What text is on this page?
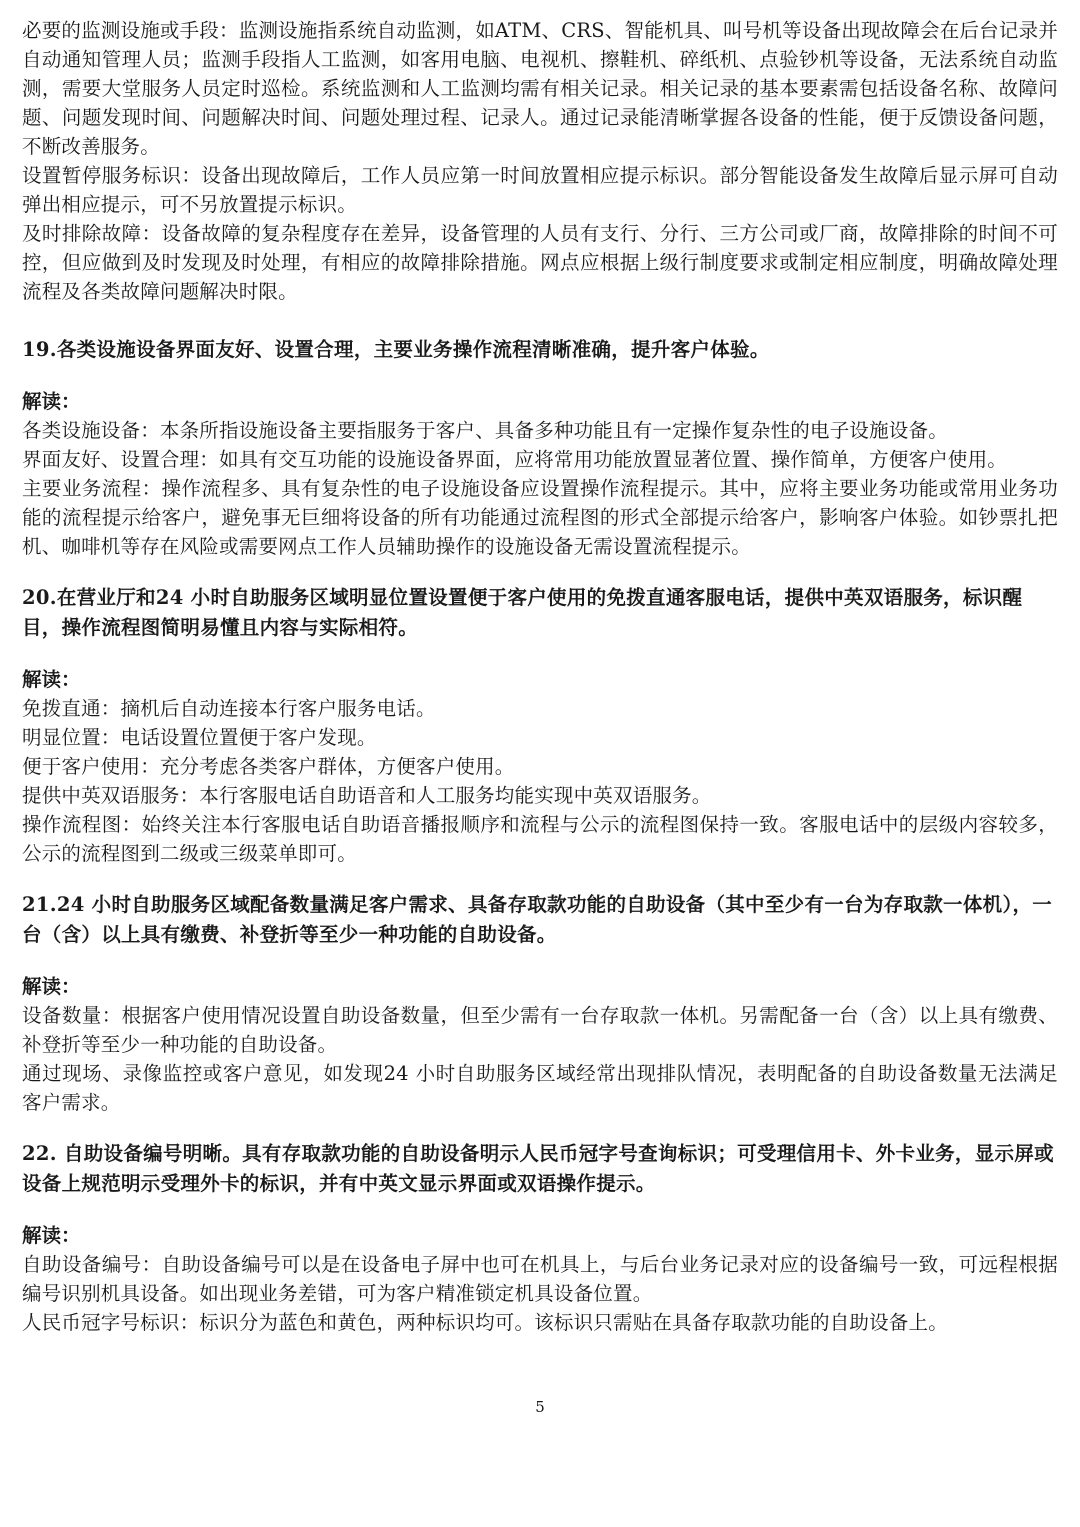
必要的监测设施或手段：监测设施指系统自动监测，如ATM、CRS、智能机具、叫号机等设备出现故障会在后台记录并自动通知管理人员；监测手段指人工监测，如客用电脑、电视机、擦鞋机、碎纸机、点验钞机等设备，无法系统自动监测，需要大堂服务人员定时巡检。系统监测和人工监测均需有相关记录。相关记录的基本要素需包括设备名称、故障问题、问题发现时间、问题解决时间、问题处理过程、记录人。通过记录能清晰掌握各设备的性能，便于反馈设备问题，不断改善服务。

设置暂停服务标识：设备出现故障后，工作人员应第一时间放置相应提示标识。部分智能设备发生故障后显示屏可自动弹出相应提示，可不另放置提示标识。

及时排除故障：设备故障的复杂程度存在差异，设备管理的人员有支行、分行、三方公司或厂商，故障排除的时间不可控，但应做到及时发现及时处理，有相应的故障排除措施。网点应根据上级行制度要求或制定相应制度，明确故障处理流程及各类故障问题解决时限。

19.各类设施设备界面友好、设置合理，主要业务操作流程清晰准确，提升客户体验。

解读：

各类设施设备：本条所指设施设备主要指服务于客户、具备多种功能且有一定操作复杂性的电子设施设备。

界面友好、设置合理：如具有交互功能的设施设备界面，应将常用功能放置显著位置、操作简单，方便客户使用。

主要业务流程：操作流程多、具有复杂性的电子设施设备应设置操作流程提示。其中，应将主要业务功能或常用业务功能的流程提示给客户，避免事无巨细将设备的所有功能通过流程图的形式全部提示给客户，影响客户体验。如钞票扎把机、咖啡机等存在风险或需要网点工作人员辅助操作的设施设备无需设置流程提示。

20.在营业厅和24 小时自助服务区域明显位置设置便于客户使用的免拨直通客服电话，提供中英双语服务，标识醒目，操作流程图简明易懂且内容与实际相符。

解读：

免拨直通：摘机后自动连接本行客户服务电话。

明显位置：电话设置位置便于客户发现。

便于客户使用：充分考虑各类客户群体，方便客户使用。

提供中英双语服务：本行客服电话自助语音和人工服务均能实现中英双语服务。

操作流程图：始终关注本行客服电话自助语音播报顺序和流程与公示的流程图保持一致。客服电话中的层级内容较多，公示的流程图到二级或三级菜单即可。

21.24 小时自助服务区域配备数量满足客户需求、具备存取款功能的自助设备（其中至少有一台为存取款一体机），一台（含）以上具有缴费、补登折等至少一种功能的自助设备。

解读：

设备数量：根据客户使用情况设置自助设备数量，但至少需有一台存取款一体机。另需配备一台（含）以上具有缴费、补登折等至少一种功能的自助设备。

通过现场、录像监控或客户意见，如发现24 小时自助服务区域经常出现排队情况，表明配备的自助设备数量无法满足客户需求。

22. 自助设备编号明晰。具有存取款功能的自助设备明示人民币冠字号查询标识；可受理信用卡、外卡业务，显示屏或设备上规范明示受理外卡的标识，并有中英文显示界面或双语操作提示。

解读：

自助设备编号：自助设备编号可以是在设备电子屏中也可在机具上，与后台业务记录对应的设备编号一致，可远程根据编号识别机具设备。如出现业务差错，可为客户精准锁定机具设备位置。

人民币冠字号标识：标识分为蓝色和黄色，两种标识均可。该标识只需贴在具备存取款功能的自助设备上。

5
